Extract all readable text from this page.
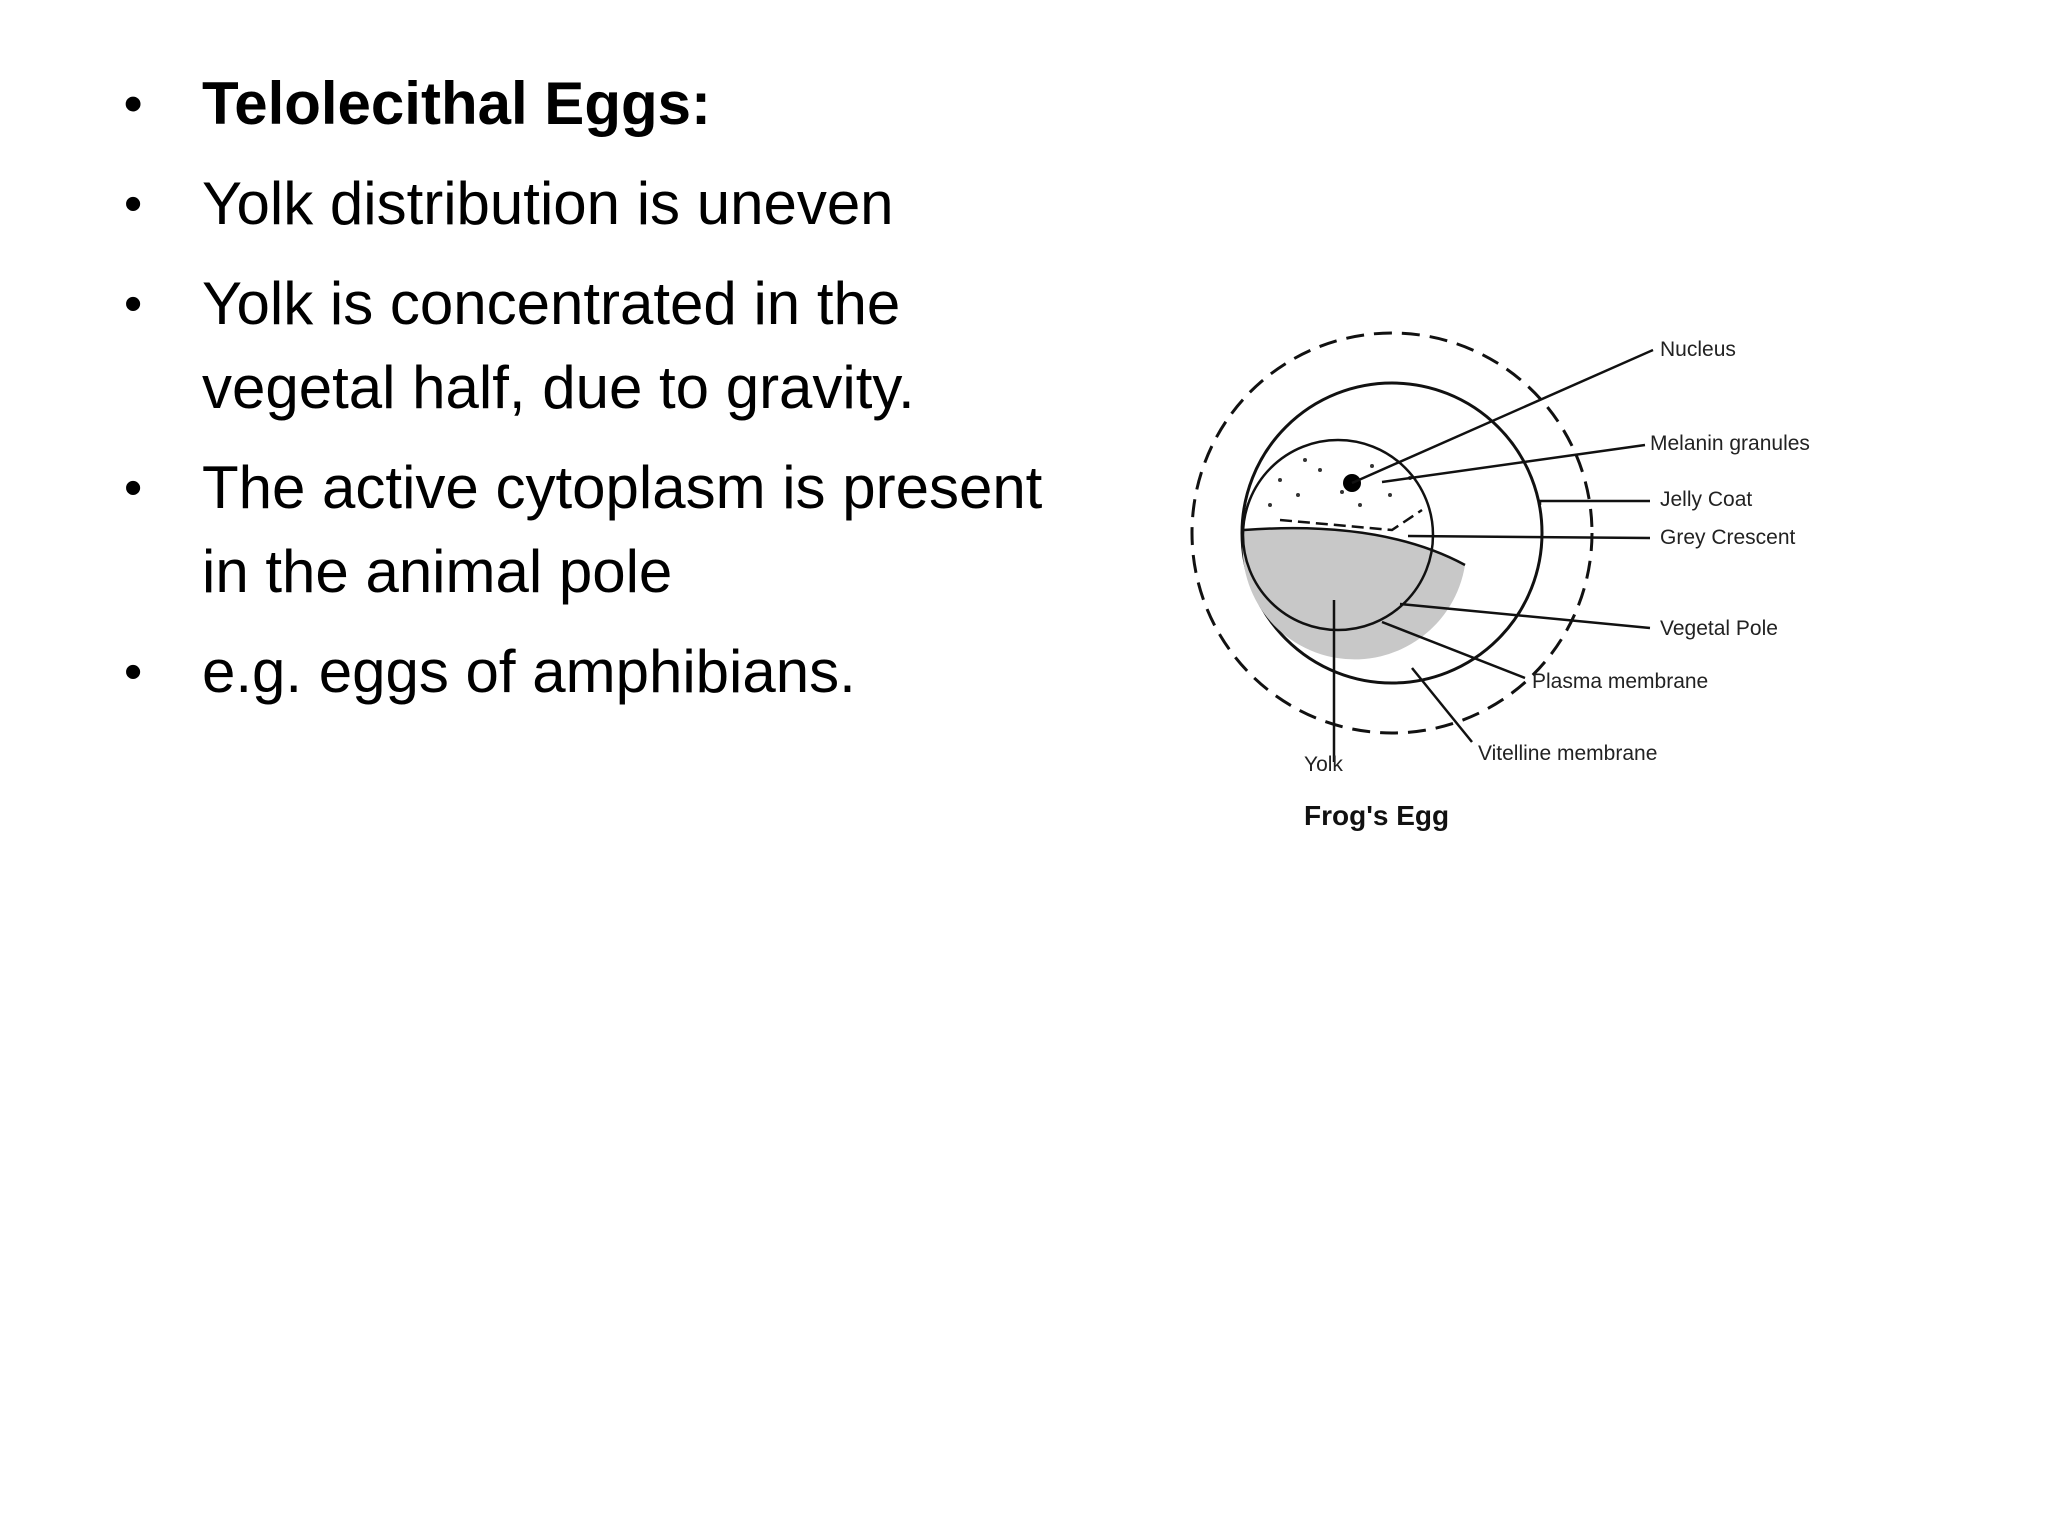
• Telolecithal Eggs:
• Yolk distribution is uneven
• Yolk is concentrated in the vegetal half, due to gravity.
• The active cytoplasm is present in the animal pole
• e.g. eggs of amphibians.
Nucleus
Melanin granules
Jelly Coat
Grey Crescent
Vegetal Pole
Plasma membrane
Vitelline membrane
Yolk
Frog's Egg
